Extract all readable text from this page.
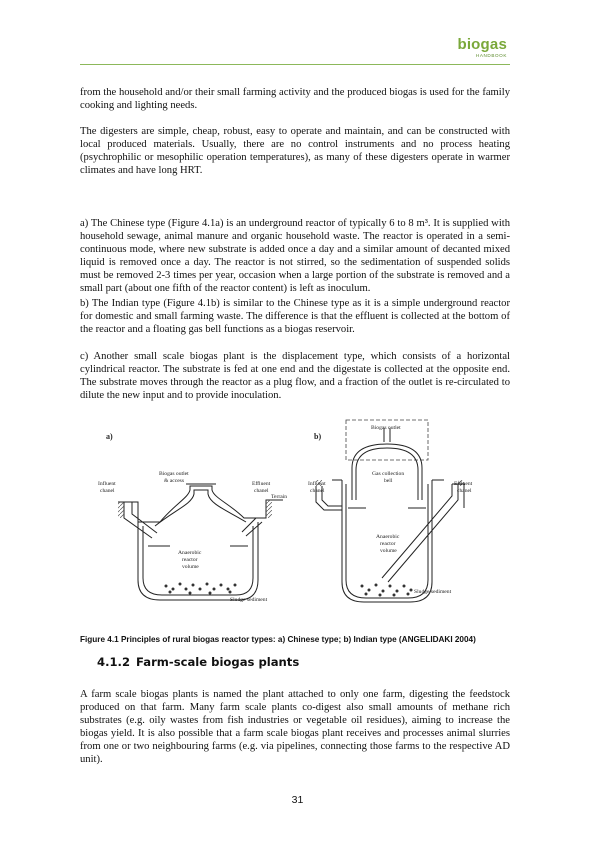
biogas
HANDBOOK

from the household and/or their small farming activity and the produced biogas is used for the family cooking and lighting needs.

The digesters are simple, cheap, robust, easy to operate and maintain, and can be constructed with local produced materials. Usually, there are no control instruments and no process heating (psychrophilic or mesophilic operation temperatures), as many of these digesters operate in warmer climates and have long HRT.

a) The Chinese type (Figure 4.1a) is an underground reactor of typically 6 to 8 m³. It is supplied with household sewage, animal manure and organic household waste. The reactor is operated in a semi-continuous mode, where new substrate is added once a day and a similar amount of decanted mixed liquid is removed once a day. The reactor is not stirred, so the sedimentation of suspended solids must be removed 2-3 times per year, occasion when a large portion of the substrate is removed and a small part (about one fifth of the reactor content) is left as inoculum.

b) The Indian type (Figure 4.1b) is similar to the Chinese type as it is a simple underground reactor for domestic and small farming waste. The difference is that the effluent is collected at the bottom of the reactor and a floating gas bell functions as a biogas reservoir.

c) Another small scale biogas plant is the displacement type, which consists of a horizontal cylindrical reactor. The substrate is fed at one end and the digestate is collected at the opposite end. The substrate moves through the reactor as a plug flow, and a fraction of the outlet is re-circulated to dilute the new input and to provide inoculation.

a)
Influent
chanel
Biogas outlet
& access	Effluent
chanel
Terrain
Anaerobic
reactor
volume
Sludge sediment
b)
Biogas outlet
Gas collection
bell
Influent
chanel
Effluent
chanel
Anaerobic
reactor
volume
Sludge sediment
Figure 4.1 Principles of rural biogas reactor types: a) Chinese type; b) Indian type (ANGELIDAKI 2004)
4.1.2 Farm-scale biogas plants

A farm scale biogas plants is named the plant attached to only one farm, digesting the feedstock produced on that farm. Many farm scale plants co-digest also small amounts of methane rich substrates (e.g. oily wastes from fish industries or vegetable oil residues), aiming to increase the biogas yield. It is also possible that a farm scale biogas plant receives and processes animal slurries from one or two neighbouring farms (e.g. via pipelines, connecting those farms to the respective AD unit).

31
